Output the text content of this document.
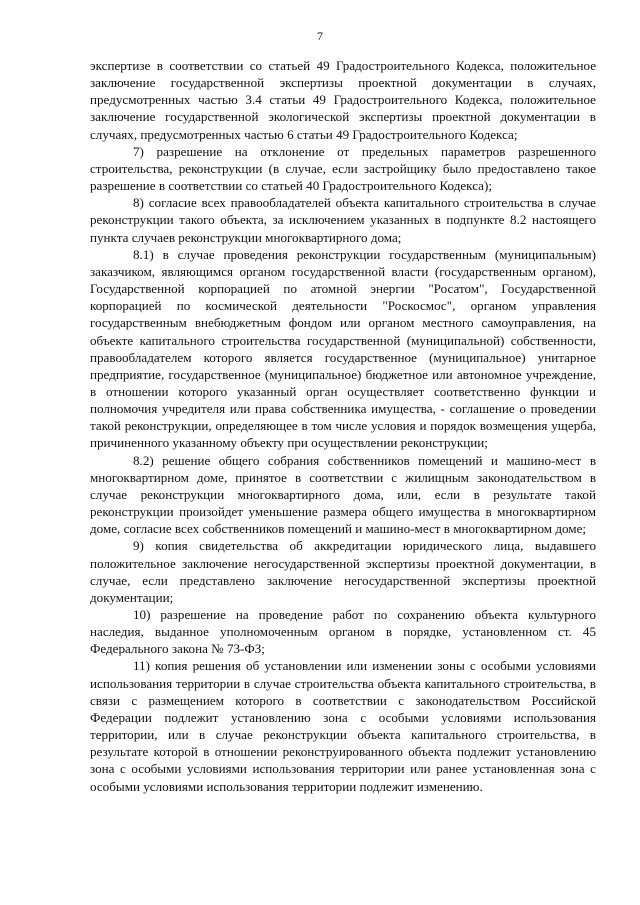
7

экспертизе в соответствии со статьей 49 Градостроительного Кодекса, положительное заключение государственной экспертизы проектной документации в случаях, предусмотренных частью 3.4 статьи 49 Градостроительного Кодекса, положительное заключение государственной экологической экспертизы проектной документации в случаях, предусмотренных частью 6 статьи 49 Градостроительного Кодекса;

7) разрешение на отклонение от предельных параметров разрешенного строительства, реконструкции (в случае, если застройщику было предоставлено такое разрешение в соответствии со статьей 40 Градостроительного Кодекса);

8) согласие всех правообладателей объекта капитального строительства в случае реконструкции такого объекта, за исключением указанных в подпункте 8.2 настоящего пункта случаев реконструкции многоквартирного дома;

8.1) в случае проведения реконструкции государственным (муниципальным) заказчиком, являющимся органом государственной власти (государственным органом), Государственной корпорацией по атомной энергии "Росатом", Государственной корпорацией по космической деятельности "Роскосмос", органом управления государственным внебюджетным фондом или органом местного самоуправления, на объекте капитального строительства государственной (муниципальной) собственности, правообладателем которого является государственное (муниципальное) унитарное предприятие, государственное (муниципальное) бюджетное или автономное учреждение, в отношении которого указанный орган осуществляет соответственно функции и полномочия учредителя или права собственника имущества, - соглашение о проведении такой реконструкции, определяющее в том числе условия и порядок возмещения ущерба, причиненного указанному объекту при осуществлении реконструкции;

8.2) решение общего собрания собственников помещений и машино-мест в многоквартирном доме, принятое в соответствии с жилищным законодательством в случае реконструкции многоквартирного дома, или, если в результате такой реконструкции произойдет уменьшение размера общего имущества в многоквартирном доме, согласие всех собственников помещений и машино-мест в многоквартирном доме;

9) копия свидетельства об аккредитации юридического лица, выдавшего положительное заключение негосударственной экспертизы проектной документации, в случае, если представлено заключение негосударственной экспертизы проектной документации;

10) разрешение на проведение работ по сохранению объекта культурного наследия, выданное уполномоченным органом в порядке, установленном ст. 45 Федерального закона № 73-ФЗ;

11) копия решения об установлении или изменении зоны с особыми условиями использования территории в случае строительства объекта капитального строительства, в связи с размещением которого в соответствии с законодательством Российской Федерации подлежит установлению зона с особыми условиями использования территории, или в случае реконструкции объекта капитального строительства, в результате которой в отношении реконструированного объекта подлежит установлению зона с особыми условиями использования территории или ранее установленная зона с особыми условиями использования территории подлежит изменению.
